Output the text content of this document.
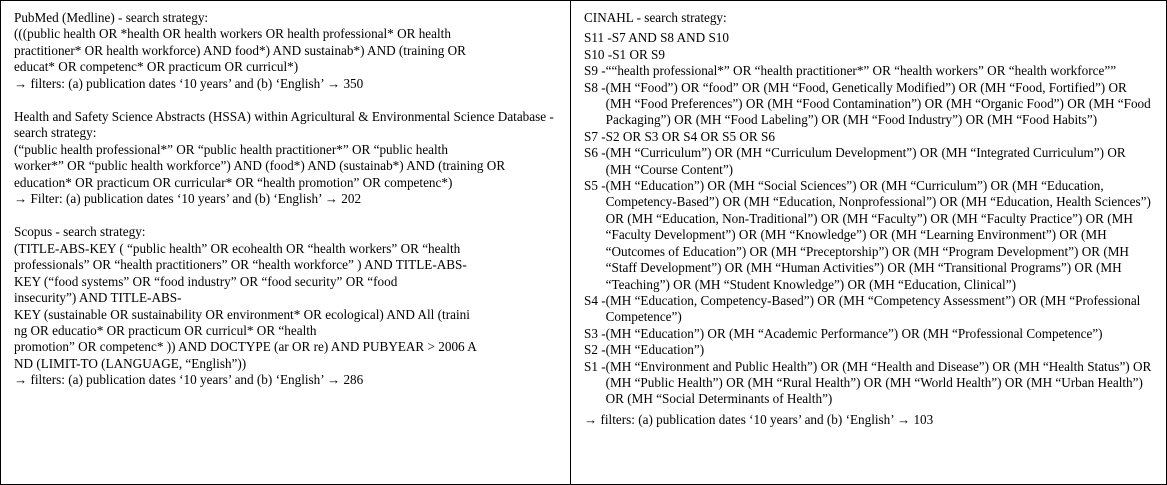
PubMed (Medline) - search strategy:
(((public health OR *health OR health workers OR health professional* OR health
practitioner* OR health workforce) AND food*) AND sustainab*) AND (training OR
educat* OR competenc* OR practicum OR curricul*)
→ filters: (a) publication dates ‘10 years’ and (b) ‘English’ → 350
Health and Safety Science Abstracts (HSSA) within Agricultural & Environmental Science Database - search strategy:
(“public health professional*” OR “public health practitioner*” OR “public health
worker*” OR “public health workforce”) AND (food*) AND (sustainab*) AND (training OR
education* OR practicum OR curricular* OR “health promotion” OR competenc*)
→ Filter: (a) publication dates ‘10 years’ and (b) ‘English’ → 202
Scopus - search strategy:
(TITLE-ABS-KEY ( “public health” OR ecohealth OR “health workers” OR “health
professionals” OR “health practitioners” OR “health workforce” ) AND TITLE-ABS-
KEY (“food systems” OR “food industry” OR “food security” OR “food
insecurity”) AND TITLE-ABS-
KEY (sustainable OR sustainability OR environment* OR ecological) AND All (traini
ng OR educatio* OR practicum OR curricul* OR “health
promotion” OR competenc* )) AND DOCTYPE (ar OR re) AND PUBYEAR > 2006 A
ND (LIMIT-TO (LANGUAGE, “English”))
→ filters: (a) publication dates ‘10 years’ and (b) ‘English’ → 286
CINAHL - search strategy:
S11 - S7 AND S8 AND S10
S10 - S1 OR S9
S9 - ““health professional*” OR “health practitioner*” OR “health workers” OR “health workforce””
S8 - (MH “Food”) OR “food” OR (MH “Food, Genetically Modified”) OR (MH “Food, Fortified”) OR (MH “Food Preferences”) OR (MH “Food Contamination”) OR (MH “Organic Food”) OR (MH “Food Packaging”) OR (MH “Food Labeling”) OR (MH “Food Industry”) OR (MH “Food Habits”)
S7 - S2 OR S3 OR S4 OR S5 OR S6
S6 - (MH “Curriculum”) OR (MH “Curriculum Development”) OR (MH “Integrated Curriculum”) OR (MH “Course Content”)
S5 - (MH “Education”) OR (MH “Social Sciences”) OR (MH “Curriculum”) OR (MH “Education, Competency-Based”) OR (MH “Education, Nonprofessional”) OR (MH “Education, Health Sciences”) OR (MH “Education, Non-Traditional”) OR (MH “Faculty”) OR (MH “Faculty Practice”) OR (MH “Faculty Development”) OR (MH “Knowledge”) OR (MH “Learning Environment”) OR (MH “Outcomes of Education”) OR (MH “Preceptorship”) OR (MH “Program Development”) OR (MH “Staff Development”) OR (MH “Human Activities”) OR (MH “Transitional Programs”) OR (MH “Teaching”) OR (MH “Student Knowledge”) OR (MH “Education, Clinical”)
S4 - (MH “Education, Competency-Based”) OR (MH “Competency Assessment”) OR (MH “Professional Competence”)
S3 - (MH “Education”) OR (MH “Academic Performance”) OR (MH “Professional Competence”)
S2 - (MH “Education”)
S1 - (MH “Environment and Public Health”) OR (MH “Health and Disease”) OR (MH “Health Status”) OR (MH “Public Health”) OR (MH “Rural Health”) OR (MH “World Health”) OR (MH “Urban Health”) OR (MH “Social Determinants of Health”)
→ filters: (a) publication dates ‘10 years’ and (b) ‘English’ → 103
